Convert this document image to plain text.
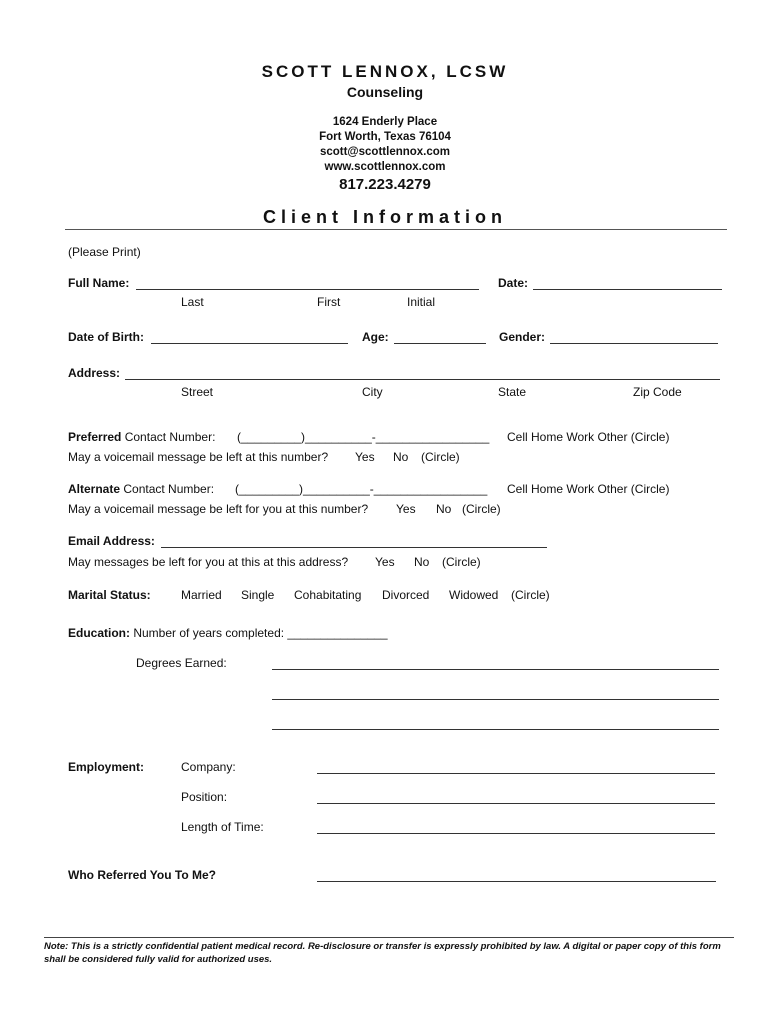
SCOTT LENNOX, LCSW
Counseling
1624 Enderly Place
Fort Worth, Texas 76104
scott@scottlennox.com
www.scottlennox.com
817.223.4279
Client Information
(Please Print)
Full Name:	Date:
Last	First	Initial
Date of Birth:	Age:	Gender:
Address:
Street	City	State	Zip Code
Preferred Contact Number: (_________)__________-_________________ Cell Home Work Other (Circle)
May a voicemail message be left at this number? Yes No (Circle)
Alternate Contact Number: (_________)__________-_________________ Cell Home Work Other (Circle)
May a voicemail message be left for you at this number? Yes No (Circle)
Email Address:
May messages be left for you at this at this address? Yes No (Circle)
Marital Status:	Married Single Cohabitating Divorced Widowed (Circle)
Education: Number of years completed: _______________
Degrees Earned:
Employment:	Company:
Position:
Length of Time:
Who Referred You To Me?
Note: This is a strictly confidential patient medical record. Re-disclosure or transfer is expressly prohibited by law. A digital or paper copy of this form shall be considered fully valid for authorized uses.
